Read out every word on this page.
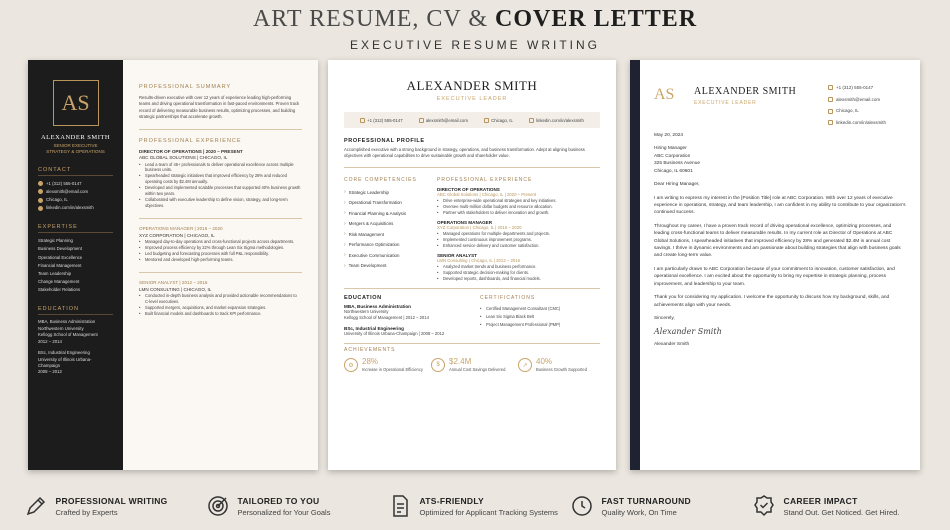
ART RESUME, CV & COVER LETTER
EXECUTIVE RESUME WRITING
AS
ALEXANDER SMITH
SENIOR EXECUTIVE
STRATEGY & OPERATIONS
CONTACT
+1 (312) 555-0147
alexsmith@email.com
Chicago, IL
linkedin.com/in/alexsmith
EXPERTISE
Strategic Planning
Business Development
Operational Excellence
Financial Management
Team Leadership
Change Management
Stakeholder Relations
EDUCATION
MBA, Business Administration
Northwestern University
Kellogg School of Management
2012 – 2014
BSc, Industrial Engineering
University of Illinois Urbana-
Champaign
2008 – 2012
PROFESSIONAL SUMMARY
Results-driven executive with over 12 years of experience leading high-performing teams and driving operational transformation in fast-paced environments. Proven track record of delivering measurable business results, optimizing processes, and building strategic partnerships that accelerate growth.
PROFESSIONAL EXPERIENCE
DIRECTOR OF OPERATIONS | 2020 – PRESENT
ABC GLOBAL SOLUTIONS | CHICAGO, IL
• Lead a team of 45+ professionals to deliver operational excellence across multiple business units.
• Spearheaded strategic initiatives that improved efficiency by 28% and reduced operating costs by $2.4M annually.
• Developed and implemented scalable processes that supported 40% business growth within two years.
• Collaborated with executive leadership to define vision, strategy, and long-term objectives.
OPERATIONS MANAGER | 2016 – 2020
XYZ CORPORATION | CHICAGO, IL
• Managed day-to-day operations and cross-functional projects across departments.
• Improved process efficiency by 22% through Lean Six Sigma methodologies.
• Led budgeting and forecasting processes with full P&L responsibility.
• Mentored and developed high-performing teams.
SENIOR ANALYST | 2012 – 2016
LMN CONSULTING | CHICAGO, IL
• Conducted in-depth business analysis and provided actionable recommendations to C-level executives.
• Supported mergers, acquisitions, and market expansion strategies.
• Built financial models and dashboards to track KPI performance.
ALEXANDER SMITH
EXECUTIVE LEADER
+1 (312) 555-0147	alexsmith@email.com	Chicago, IL	linkedin.com/in/alexsmith
PROFESSIONAL PROFILE
Accomplished executive with a strong background in strategy, operations, and business transformation. Adept at aligning business objectives with operational capabilities to drive sustainable growth and shareholder value.
CORE COMPETENCIES
› Strategic Leadership
› Operational Transformation
› Financial Planning & Analysis
› Mergers & Acquisitions
› Risk Management
› Performance Optimization
› Executive Communication
› Team Development
PROFESSIONAL EXPERIENCE
DIRECTOR OF OPERATIONS
ABC Global Solutions | Chicago, IL | 2020 – Present
• Drive enterprise-wide operational strategies and key initiatives.
• Oversee multi-million dollar budgets and resource allocation.
• Partner with stakeholders to deliver innovation and growth.
OPERATIONS MANAGER
XYZ Corporation | Chicago, IL | 2016 – 2020
• Managed operations for multiple departments and projects.
• Implemented continuous improvement programs.
• Enhanced service delivery and customer satisfaction.
SENIOR ANALYST
LMN Consulting | Chicago, IL | 2012 – 2016
• Analyzed market trends and business performance.
• Supported strategic decision-making for clients.
• Developed reports, dashboards, and financial models.
EDUCATION
MBA, Business Administration
Northwestern University
Kellogg School of Management | 2012 – 2014
BSc, Industrial Engineering
University of Illinois Urbana-Champaign | 2008 – 2012
CERTIFICATIONS
• Certified Management Consultant (CMC)
• Lean Six Sigma Black Belt
• Project Management Professional (PMP)
ACHIEVEMENTS
⚙	28%
Increase in Operational Efficiency
$	$2.4M
Annual Cost Savings Delivered
↗	40%
Business Growth Supported
AS ALEXANDER SMITH
EXECUTIVE LEADER
+1 (312) 555-0147
alexsmith@email.com
Chicago, IL
linkedin.com/in/alexsmith

May 20, 2024

Hiring Manager
ABC Corporation
325 Business Avenue
Chicago, IL 60601

Dear Hiring Manager,

I am writing to express my interest in the [Position Title] role at ABC Corporation. With over 12 years of executive experience in operations, strategy, and team leadership, I am confident in my ability to contribute to your organization's continued success.

Throughout my career, I have a proven track record of driving operational excellence, optimizing processes, and leading cross-functional teams to deliver measurable results. In my current role as Director of Operations at ABC Global Solutions, I spearheaded initiatives that improved efficiency by 28% and generated $2.4M in annual cost savings. I thrive in dynamic environments and am passionate about building strategies that align with business goals and create long-term value.

I am particularly drawn to ABC Corporation because of your commitment to innovation, customer satisfaction, and operational excellence. I am excited about the opportunity to bring my expertise in strategic planning, process improvement, and leadership to your team.

Thank you for considering my application. I welcome the opportunity to discuss how my background, skills, and achievements align with your needs.

Sincerely,

Alexander Smith
Alexander Smith
PROFESSIONAL WRITING
Crafted by Experts
TAILORED TO YOU
Personalized for Your Goals
ATS-FRIENDLY
Optimized for Applicant Tracking Systems
FAST TURNAROUND
Quality Work, On Time
CAREER IMPACT
Stand Out. Get Noticed. Get Hired.
